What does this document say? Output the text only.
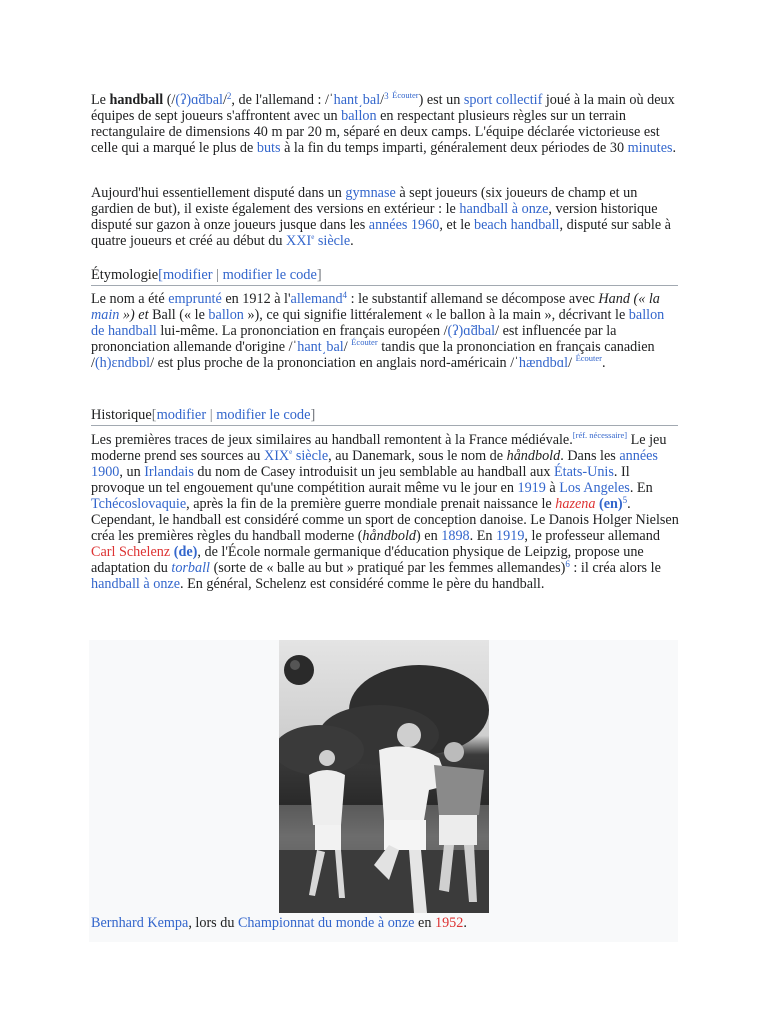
Le handball (/(ʔ)ɑ̃dbal/$^2$, de l'allemand : /ˈhant͵bal/$^3$ $^{Écouter}$) est un sport collectif joué à la main où deux équipes de sept joueurs s'affrontent avec un ballon en respectant plusieurs règles sur un terrain rectangulaire de dimensions 40 m par 20 m, séparé en deux camps. L'équipe déclarée victorieuse est celle qui a marqué le plus de buts à la fin du temps imparti, généralement deux périodes de 30 minutes.

Aujourd'hui essentiellement disputé dans un gymnase à sept joueurs (six joueurs de champ et un gardien de but), il existe également des versions en extérieur : le handball à onze, version historique disputé sur gazon à onze joueurs jusque dans les années 1960, et le beach handball, disputé sur sable à quatre joueurs et créé au début du XXIe siècle.

Étymologie[modifier | modifier le code]

Le nom a été emprunté en 1912 à l'allemand$^4$ : le substantif allemand se décompose avec Hand (« la main ») et Ball (« le ballon »), ce qui signifie littéralement « le ballon à la main », décrivant le ballon de handball lui-même. La prononciation en français européen /(ʔ)ɑ̃dbal/ est influencée par la prononciation allemande d'origine /ˈhant͵bal/ $^{Écouter}$ tandis que la prononciation en français canadien /(h)ɛndbɒl/ est plus proche de la prononciation en anglais nord-américain /ˈhændbɑl/ $^{Écouter}$.

Historique[modifier | modifier le code]

Les premières traces de jeux similaires au handball remontent à la France médiévale.[réf. nécessaire] Le jeu moderne prend ses sources au XIXe siècle, au Danemark, sous le nom de håndbold. Dans les années 1900, un Irlandais du nom de Casey introduisit un jeu semblable au handball aux États-Unis. Il provoque un tel engouement qu'une compétition aurait même vu le jour en 1919 à Los Angeles. En Tchécoslovaquie, après la fin de la première guerre mondiale prenait naissance le hazena (en)$^5$. Cependant, le handball est considéré comme un sport de conception danoise. Le Danois Holger Nielsen créa les premières règles du handball moderne (håndbold) en 1898. En 1919, le professeur allemand Carl Schelenz (de), de l'École normale germanique d'éducation physique de Leipzig, propose une adaptation du torball (sorte de « balle au but » pratiqué par les femmes allemandes)$^6$ : il créa alors le handball à onze. En général, Schelenz est considéré comme le père du handball.

Bernhard Kempa, lors du Championnat du monde à onze en 1952.
